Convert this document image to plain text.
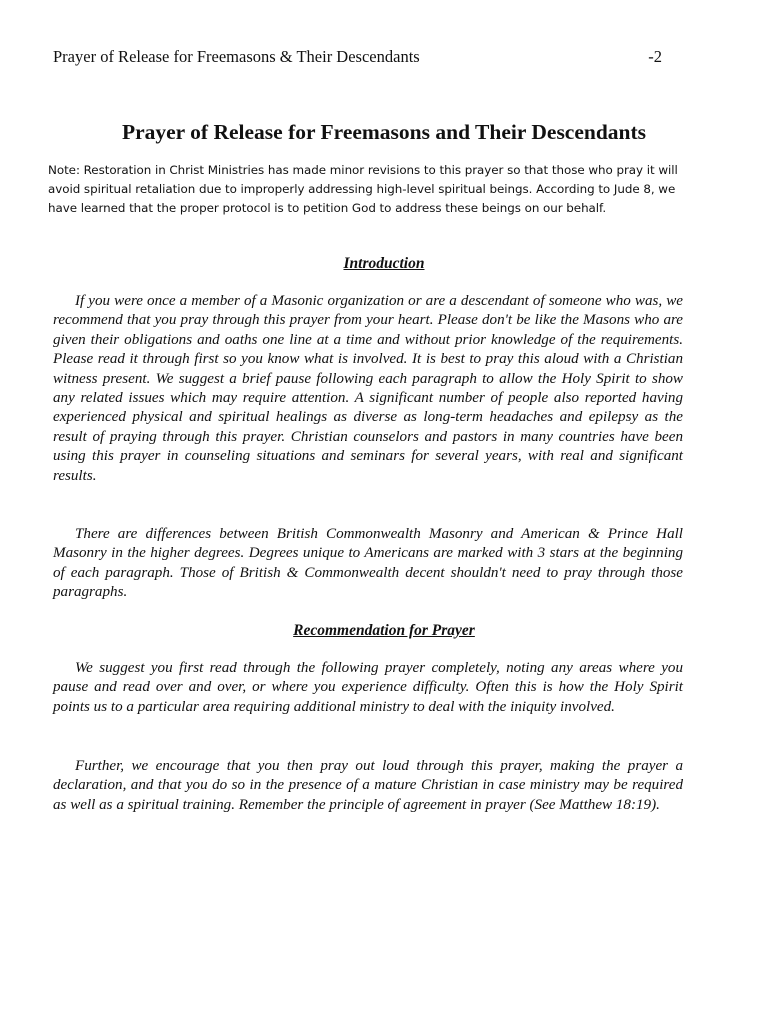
Prayer of Release for Freemasons & Their Descendants	-2
Prayer of Release for Freemasons and Their Descendants
Note: Restoration in Christ Ministries has made minor revisions to this prayer so that those who pray it will avoid spiritual retaliation due to improperly addressing high-level spiritual beings. According to Jude 8, we have learned that the proper protocol is to petition God to address these beings on our behalf.
Introduction

If you were once a member of a Masonic organization or are a descendant of someone who was, we recommend that you pray through this prayer from your heart. Please don't be like the Masons who are given their obligations and oaths one line at a time and without prior knowledge of the requirements. Please read it through first so you know what is involved. It is best to pray this aloud with a Christian witness present. We suggest a brief pause following each paragraph to allow the Holy Spirit to show any related issues which may require attention. A significant number of people also reported having experienced physical and spiritual healings as diverse as long-term headaches and epilepsy as the result of praying through this prayer. Christian counselors and pastors in many countries have been using this prayer in counseling situations and seminars for several years, with real and significant results.

There are differences between British Commonwealth Masonry and American & Prince Hall Masonry in the higher degrees. Degrees unique to Americans are marked with 3 stars at the beginning of each paragraph. Those of British & Commonwealth decent shouldn't need to pray through those paragraphs.

Recommendation for Prayer

We suggest you first read through the following prayer completely, noting any areas where you pause and read over and over, or where you experience difficulty. Often this is how the Holy Spirit points us to a particular area requiring additional ministry to deal with the iniquity involved.

Further, we encourage that you then pray out loud through this prayer, making the prayer a declaration, and that you do so in the presence of a mature Christian in case ministry may be required as well as a spiritual training. Remember the principle of agreement in prayer (See Matthew 18:19).
